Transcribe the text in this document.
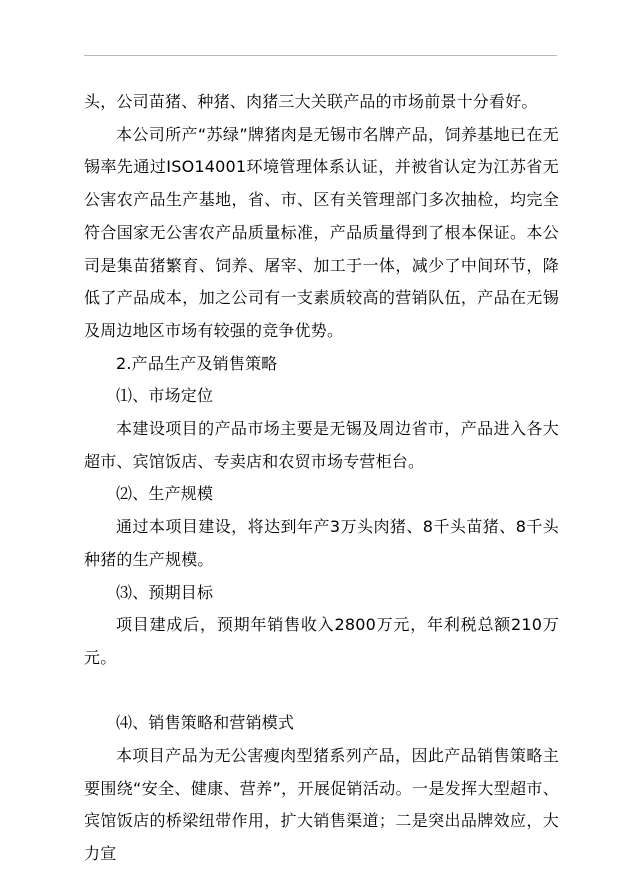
头，公司苗猪、种猪、肉猪三大关联产品的市场前景十分看好。

本公司所产“苏绿”牌猪肉是无锡市名牌产品，饲养基地已在无锡率先通过ISO14001环境管理体系认证，并被省认定为江苏省无公害农产品生产基地，省、市、区有关管理部门多次抽检，均完全符合国家无公害农产品质量标准，产品质量得到了根本保证。本公司是集苗猪繁育、饲养、屠宰、加工于一体，减少了中间环节，降低了产品成本，加之公司有一支素质较高的营销队伍，产品在无锡及周边地区市场有较强的竞争优势。

2.产品生产及销售策略

⑴、市场定位

本建设项目的产品市场主要是无锡及周边省市，产品进入各大超市、宾馆饭店、专卖店和农贸市场专营柜台。

⑵、生产规模

通过本项目建设，将达到年产3万头肉猪、8千头苗猪、8千头种猪的生产规模。

⑶、预期目标

项目建成后，预期年销售收入2800万元，年利税总额210万元。

⑷、销售策略和营销模式

本项目产品为无公害瘦肉型猪系列产品，因此产品销售策略主要围绕“安全、健康、营养”，开展促销活动。一是发挥大型超市、宾馆饭店的桥梁纽带作用，扩大销售渠道；二是突出品牌效应，大力宣
